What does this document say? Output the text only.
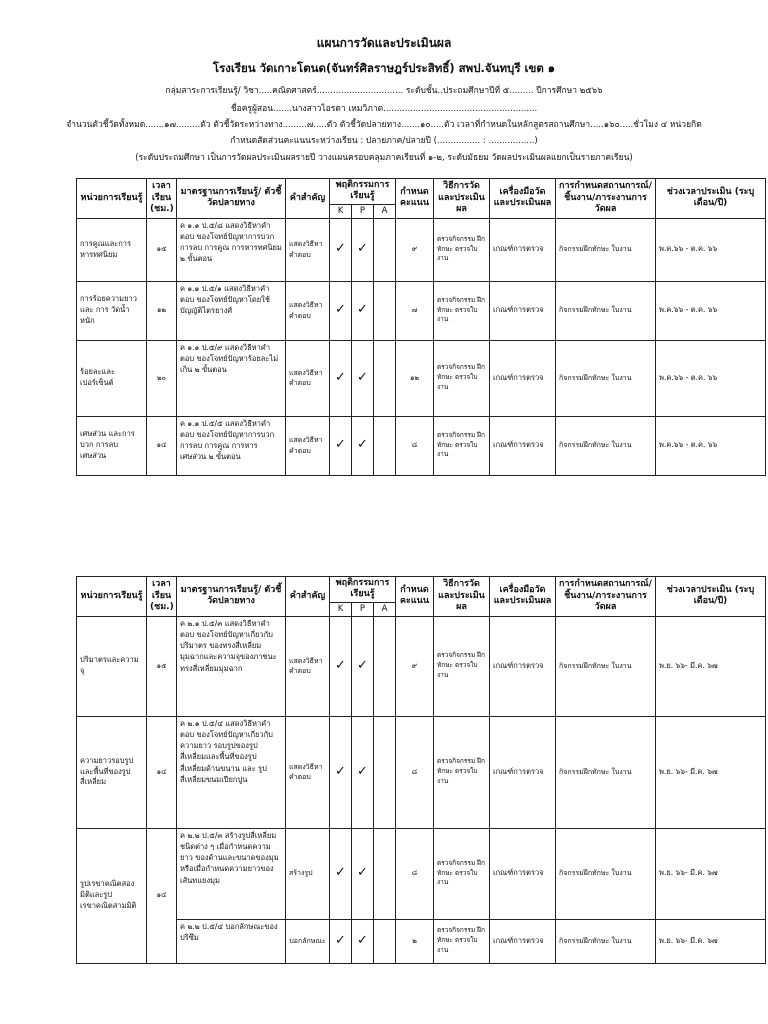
แผนการวัดและประเมินผล
โรงเรียน วัดเกาะโตนด(จันทร์ศิลราษฎร์ประสิทธิ์) สพป.จันทบุรี เขต ๑
กลุ่มสาระการเรียนรู้/ วิชา.....คณิตศาสตร์................................ ระดับชั้น..ประถมศึกษาปีที่ ๕......... ปีการศึกษา ๒๕๖๖
ชื่อครูผู้สอน.......นางสาวไอรดา เหมวิภาต.........................................................
จำนวนตัวชี้วัดทั้งหมด.......๑๗.........ตัว ตัวชี้วัดระหว่างทาง.........๗.....ตัว ตัวชี้วัดปลายทาง.......๑๐.....ตัว เวลาที่กำหนดในหลักสูตรสถานศึกษา.....๑๖๐.....ชั่วโมง ๔ หน่วยกิต
กำหนดสัดส่วนคะแนนระหว่างเรียน : ปลายภาค/ปลายปี (................ : .................)
(ระดับประถมศึกษา เป็นการวัดผลประเมินผลรายปี วางแผนครอบคลุมภาคเรียนที่ ๑-๒, ระดับมัธยม วัดผลประเมินผลแยกเป็นรายภาคเรียน)
หน่วยการเรียนรู้	เวลาเรียน (ชม.)	มาตรฐานการเรียนรู้/ ตัวชี้วัดปลายทาง	คำสำคัญ	พฤติกรรมการเรียนรู้			กำหนดคะแนน	วิธีการวัดและประเมินผล	เครื่องมือวัดและประเมินผล	การกำหนดสถานการณ์/ชิ้นงาน/ภาระงานการวัดผล	ช่วงเวลาประเมิน (ระบุ เดือน/ปี)
				K	P	A					
การคูณและการหารทศนิยม	๑๕	ค ๑.๑ ป.๕/๘ แสดงวิธีหาคำตอบ ของโจทย์ปัญหาการบวก การลบ การคูณ การหารทศนิยม ๒ ขั้นตอน	แสดงวิธีหาคำตอบ	✓	✓		๙	ตรวจกิจกรรม ฝึกทักษะ ตรวจใบงาน	เกณฑ์การตรวจ	กิจกรรมฝึกทักษะ ใบงาน	พ.ค.๖๖ - ต.ค. ๖๖
การร้อยความยาวและ การ วัดน้ำหนัก	๑๒	ค ๑.๑ ป.๕/๑ แสดงวิธีหาคำตอบ ของโจทย์ปัญหาโดยใช้ บัญญัติไตรยางศ์	แสดงวิธีหาคำตอบ	✓	✓		๗	ตรวจกิจกรรม ฝึกทักษะ ตรวจใบงาน	เกณฑ์การตรวจ	กิจกรรมฝึกทักษะ ใบงาน	พ.ค.๖๖ - ต.ค. ๖๖
ร้อยละและเปอร์เซ็นต์	๒๐	ค ๑.๑ ป.๕/๙ แสดงวิธีหาคำตอบ ของโจทย์ปัญหาร้อยละไม่เกิน ๒ ขั้นตอน	แสดงวิธีหาคำตอบ	✓	✓		๑๒	ตรวจกิจกรรม ฝึกทักษะ ตรวจใบงาน	เกณฑ์การตรวจ	กิจกรรมฝึกทักษะ ใบงาน	พ.ค.๖๖ - ต.ค. ๖๖
เศษส่วน และการบวก การลบ เศษส่วน	๑๔	ค ๑.๑ ป.๕/๕ แสดงวิธีหาคำตอบ ของโจทย์ปัญหาการบวก การลบ การคูณ การหาร เศษส่วน ๒ ขั้นตอน	แสดงวิธีหาคำตอบ	✓	✓		๘	ตรวจกิจกรรม ฝึกทักษะ ตรวจใบงาน	เกณฑ์การตรวจ	กิจกรรมฝึกทักษะ ใบงาน	พ.ค.๖๖ - ต.ค. ๖๖
หน่วยการเรียนรู้	เวลาเรียน (ชม.)	มาตรฐานการเรียนรู้/ ตัวชี้วัดปลายทาง	คำสำคัญ	พฤติกรรมการเรียนรู้			กำหนดคะแนน	วิธีการวัดและประเมินผล	เครื่องมือวัดและประเมินผล	การกำหนดสถานการณ์/ชิ้นงาน/ภาระงานการวัดผล	ช่วงเวลาประเมิน (ระบุ เดือน/ปี)
				K	P	A					
ปริมาตรและความจุ	๑๕	ค ๒.๑ ป.๕/๓ แสดงวิธีหาคำตอบ ของโจทย์ปัญหาเกี่ยวกับปริมาตร ของทรงสี่เหลี่ยมมุมฉากและความจุของภาชนะทรงสี่เหลี่ยมมุมฉาก	แสดงวิธีหาคำตอบ	✓	✓		๙	ตรวจกิจกรรม ฝึกทักษะ ตรวจใบงาน	เกณฑ์การตรวจ	กิจกรรมฝึกทักษะ ใบงาน	พ.ย. ๖๖- มี.ค. ๖๗
ความยาวรอบรูปและพื้นที่ของรูปสี่เหลี่ยม	๑๔	ค ๒.๑ ป.๕/๔ แสดงวิธีหาคำตอบ ของโจทย์ปัญหาเกี่ยวกับความยาว รอบรูปของรูปสี่เหลี่ยมและพื้นที่ของรูปสี่เหลี่ยมด้านขนาน และ รูปสี่เหลี่ยมขนมเปียกปูน	แสดงวิธีหาคำตอบ	✓	✓		๘	ตรวจกิจกรรม ฝึกทักษะ ตรวจใบงาน	เกณฑ์การตรวจ	กิจกรรมฝึกทักษะ ใบงาน	พ.ย. ๖๖- มี.ค. ๖๗
รูปเรขาคณิตสองมิติและรูปเรขาคณิตสามมิติ	๑๔	ค ๒.๒ ป.๕/๓ สร้างรูปสี่เหลี่ยม ชนิดต่าง ๆ เมื่อกำหนดความยาว ของด้านและขนาดของมุมหรือเมื่อกำหนดความยาวของเส้นทแยงมุม	สร้างรูป	✓	✓		๘	ตรวจกิจกรรม ฝึกทักษะ ตรวจใบงาน	เกณฑ์การตรวจ	กิจกรรมฝึกทักษะ ใบงาน	พ.ย. ๖๖- มี.ค. ๖๗
		ค ๒.๒ ป.๕/๔ บอกลักษณะของ ปริซึม	บอกลักษณะ	✓	✓		๒	ตรวจกิจกรรม ฝึกทักษะ ตรวจใบงาน	เกณฑ์การตรวจ	กิจกรรมฝึกทักษะ ใบงาน	พ.ย. ๖๖- มี.ค. ๖๗
